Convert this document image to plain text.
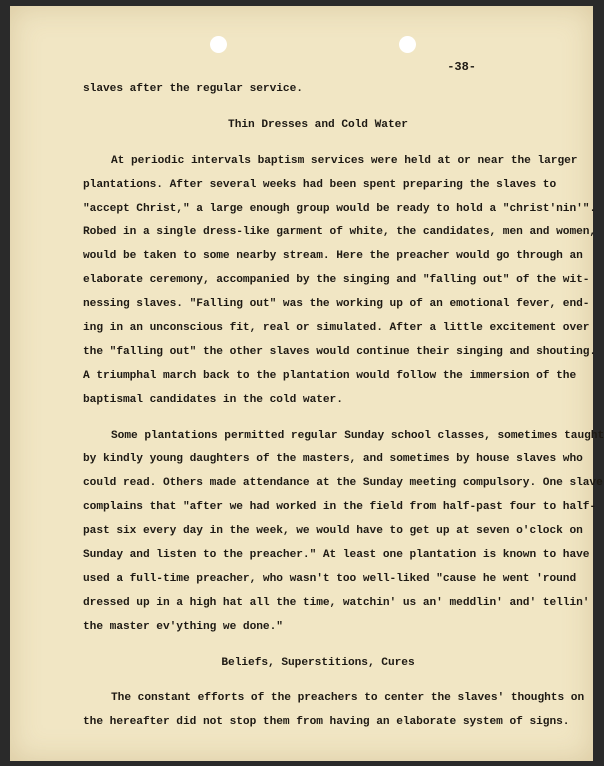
-38-
slaves after the regular service.
Thin Dresses and Cold Water
At periodic intervals baptism services were held at or near the larger
plantations. After several weeks had been spent preparing the slaves to
"accept Christ," a large enough group would be ready to hold a "christ'nin'".
Robed in a single dress-like garment of white, the candidates, men and women,
would be taken to some nearby stream. Here the preacher would go through an
elaborate ceremony, accompanied by the singing and "falling out" of the wit-
nessing slaves. "Falling out" was the working up of an emotional fever, end-
ing in an unconscious fit, real or simulated. After a little excitement over
the "falling out" the other slaves would continue their singing and shouting.
A triumphal march back to the plantation would follow the immersion of the
baptismal candidates in the cold water.
Some plantations permitted regular Sunday school classes, sometimes taught
by kindly young daughters of the masters, and sometimes by house slaves who
could read. Others made attendance at the Sunday meeting compulsory. One slave
complains that "after we had worked in the field from half-past four to half-
past six every day in the week, we would have to get up at seven o'clock on
Sunday and listen to the preacher." At least one plantation is known to have
used a full-time preacher, who wasn't too well-liked "cause he went 'round
dressed up in a high hat all the time, watchin' us an' meddlin' and' tellin'
the master ev'ything we done."
Beliefs, Superstitions, Cures
The constant efforts of the preachers to center the slaves' thoughts on
the hereafter did not stop them from having an elaborate system of signs.
